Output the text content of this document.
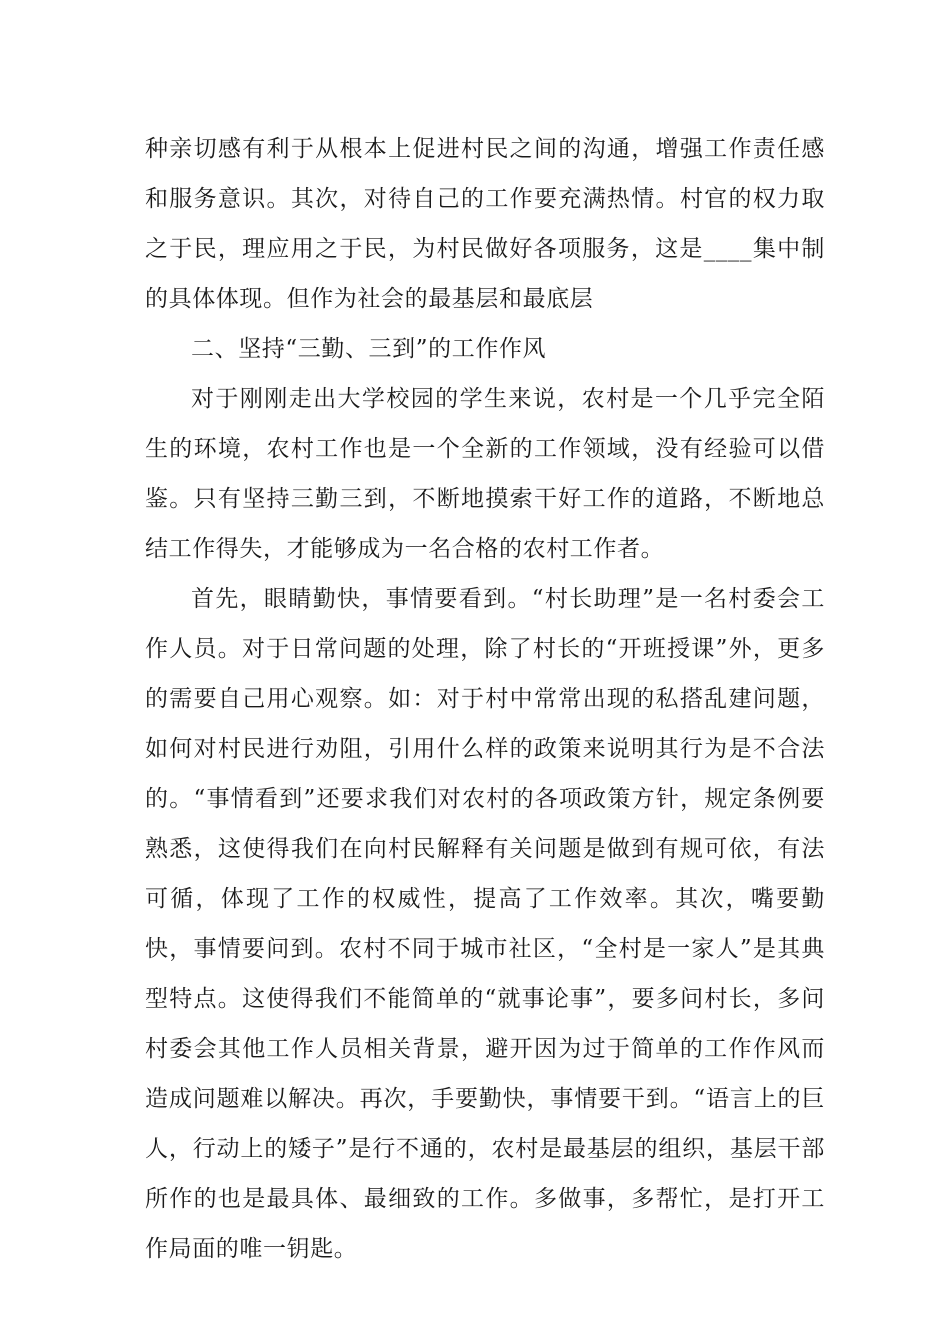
种亲切感有利于从根本上促进村民之间的沟通，增强工作责任感和服务意识。其次，对待自己的工作要充满热情。村官的权力取之于民，理应用之于民，为村民做好各项服务，这是____集中制的具体体现。但作为社会的最基层和最底层

二、坚持“三勤、三到”的工作作风

对于刚刚走出大学校园的学生来说，农村是一个几乎完全陌生的环境，农村工作也是一个全新的工作领域，没有经验可以借鉴。只有坚持三勤三到，不断地摸索干好工作的道路，不断地总结工作得失，才能够成为一名合格的农村工作者。

首先，眼睛勤快，事情要看到。“村长助理”是一名村委会工作人员。对于日常问题的处理，除了村长的“开班授课”外，更多的需要自己用心观察。如：对于村中常常出现的私搭乱建问题，如何对村民进行劝阻，引用什么样的政策来说明其行为是不合法的。“事情看到”还要求我们对农村的各项政策方针，规定条例要熟悉，这使得我们在向村民解释有关问题是做到有规可依，有法可循，体现了工作的权威性，提高了工作效率。其次，嘴要勤快，事情要问到。农村不同于城市社区，“全村是一家人”是其典型特点。这使得我们不能简单的“就事论事”，要多问村长，多问村委会其他工作人员相关背景，避开因为过于简单的工作作风而造成问题难以解决。再次，手要勤快，事情要干到。“语言上的巨人，行动上的矮子”是行不通的，农村是最基层的组织，基层干部所作的也是最具体、最细致的工作。多做事，多帮忙，是打开工作局面的唯一钥匙。
